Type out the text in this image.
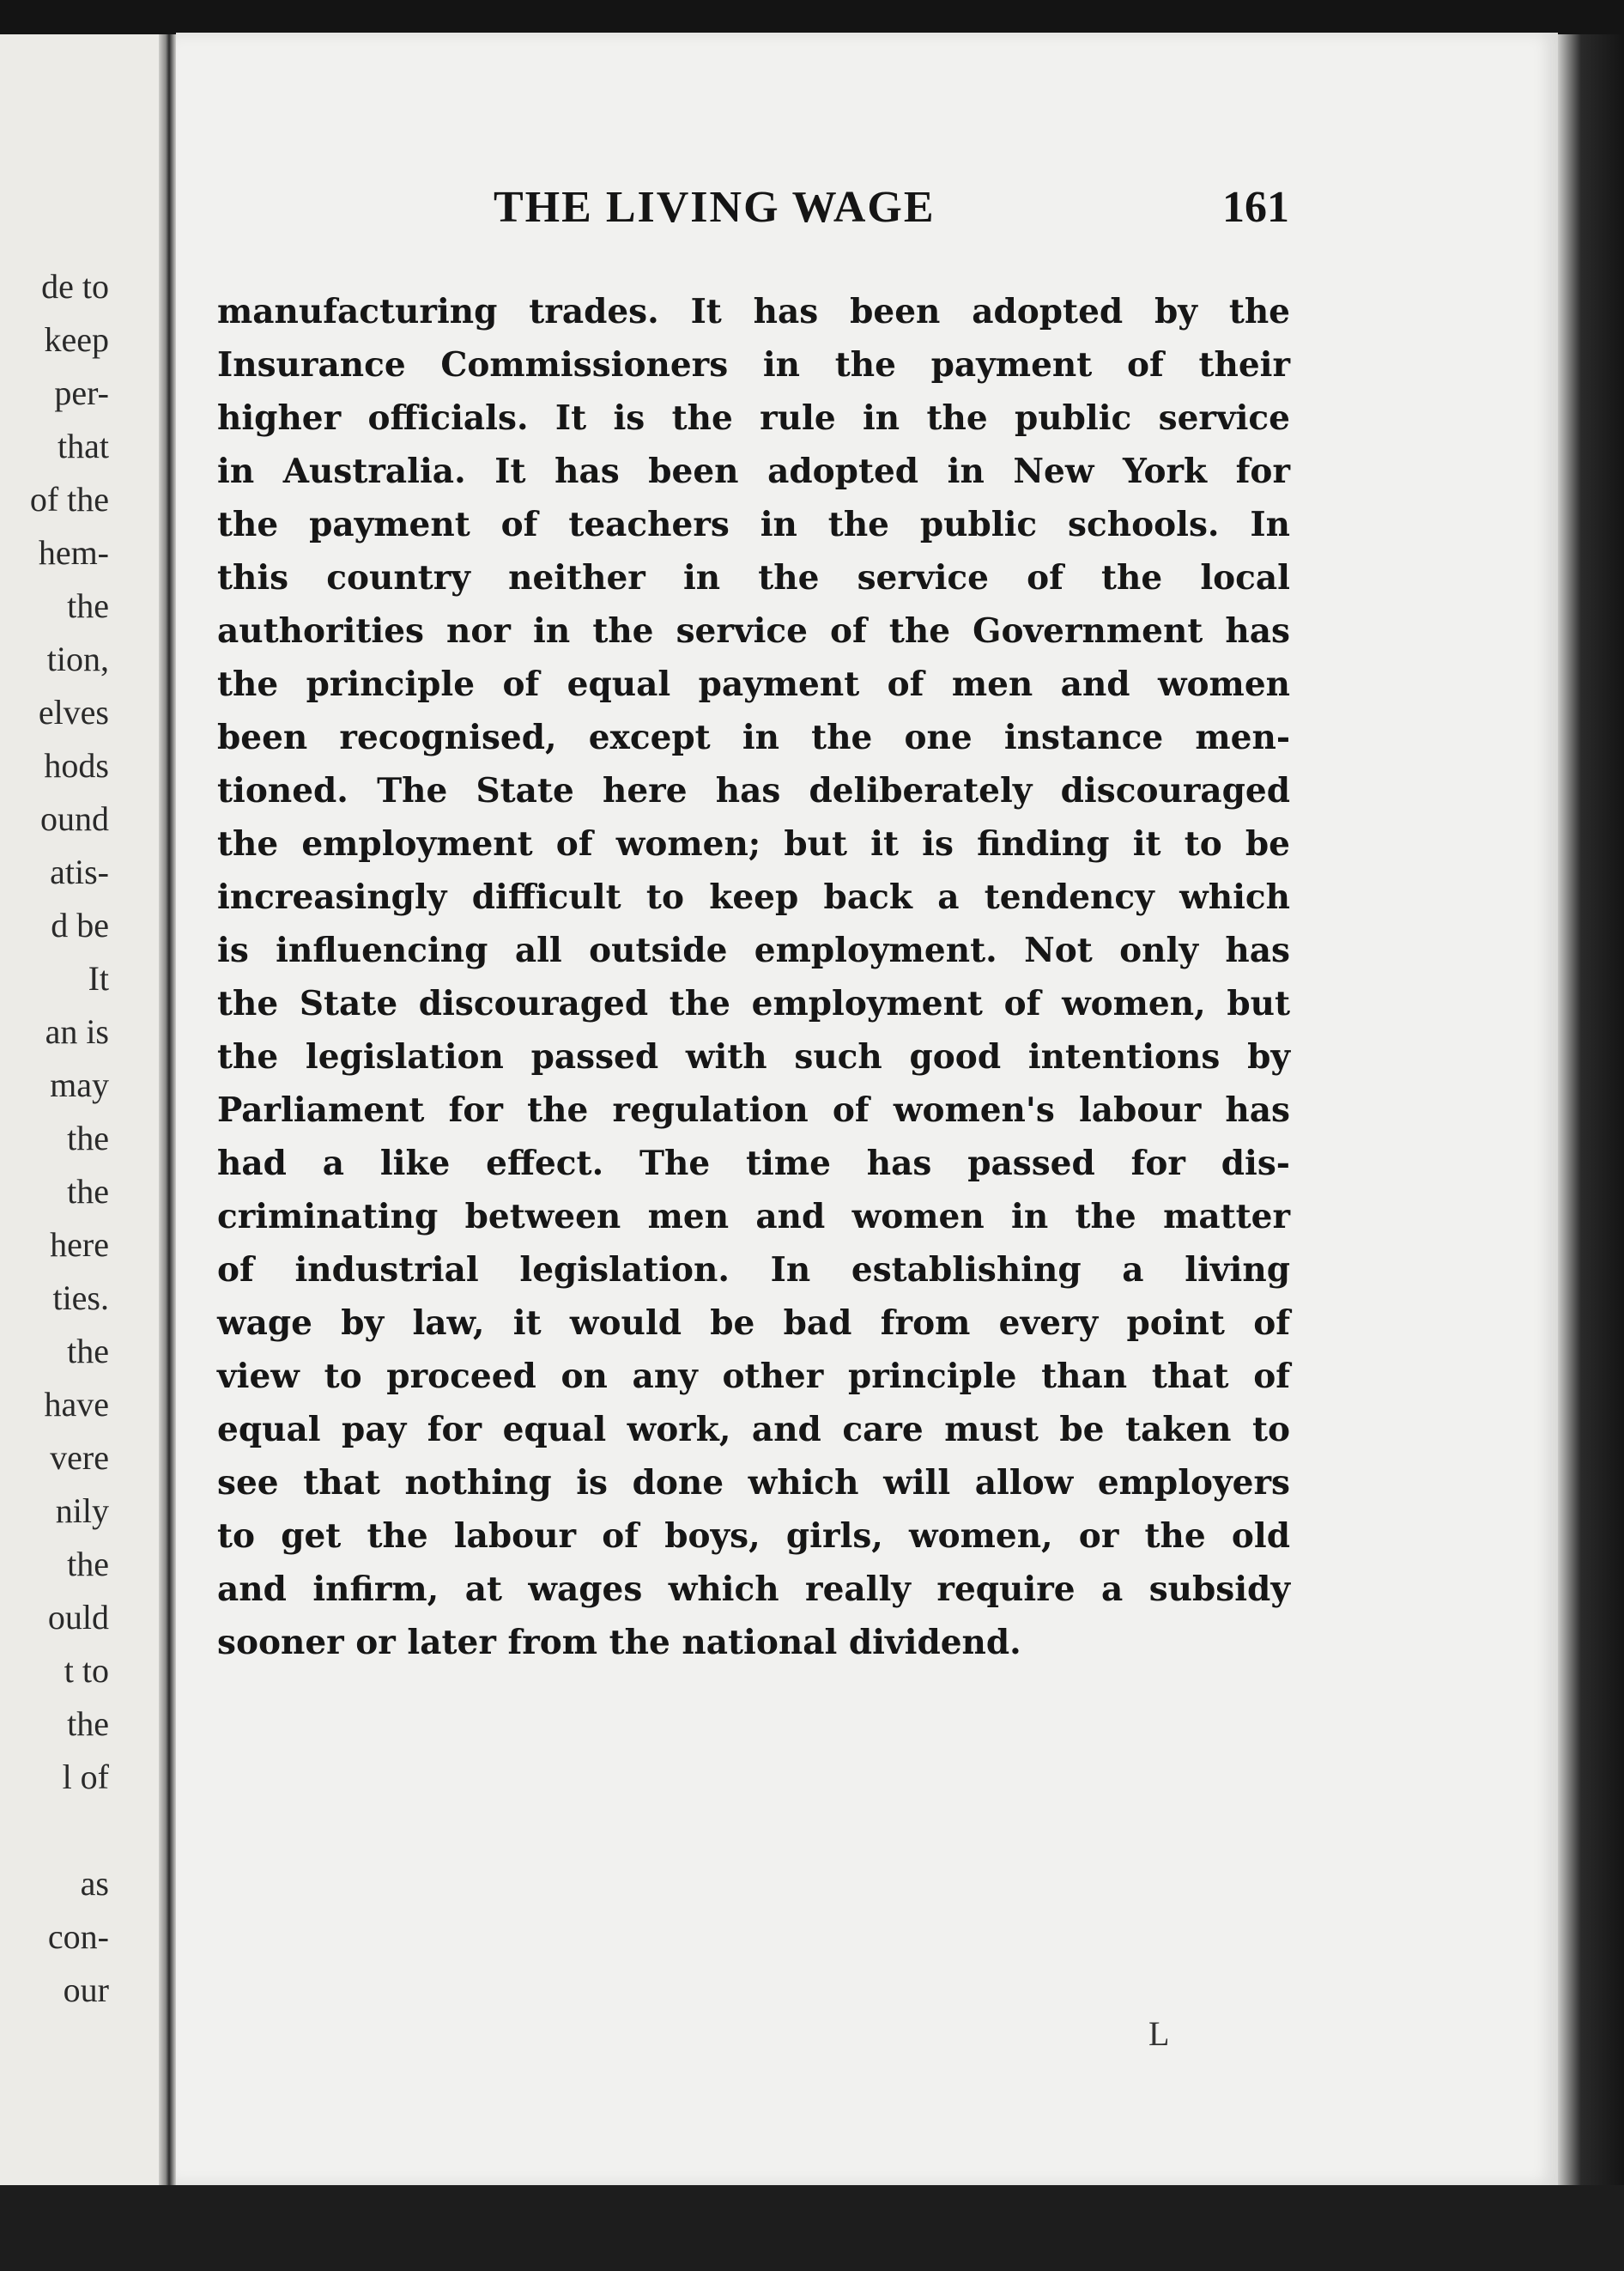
de to
keep
per-
that
of the
hem-
the
tion,
elves
hods
ound
atis-
d be
It
an is
may
the
the
here
ties.
the
have
vere
nily
the
ould
t to
the
l of
as
con-
our
THE LIVING WAGE	161
manufacturing trades. It has been adopted by the
Insurance Commissioners in the payment of their
higher officials. It is the rule in the public service
in Australia. It has been adopted in New York for
the payment of teachers in the public schools. In
this country neither in the service of the local
authorities nor in the service of the Government has
the principle of equal payment of men and women
been recognised, except in the one instance men-
tioned. The State here has deliberately discouraged
the employment of women; but it is finding it to be
increasingly difficult to keep back a tendency which
is influencing all outside employment. Not only has
the State discouraged the employment of women, but
the legislation passed with such good intentions by
Parliament for the regulation of women's labour has
had a like effect. The time has passed for dis-
criminating between men and women in the matter
of industrial legislation. In establishing a living
wage by law, it would be bad from every point of
view to proceed on any other principle than that of
equal pay for equal work, and care must be taken to
see that nothing is done which will allow employers
to get the labour of boys, girls, women, or the old
and infirm, at wages which really require a subsidy
sooner or later from the national dividend.
L
